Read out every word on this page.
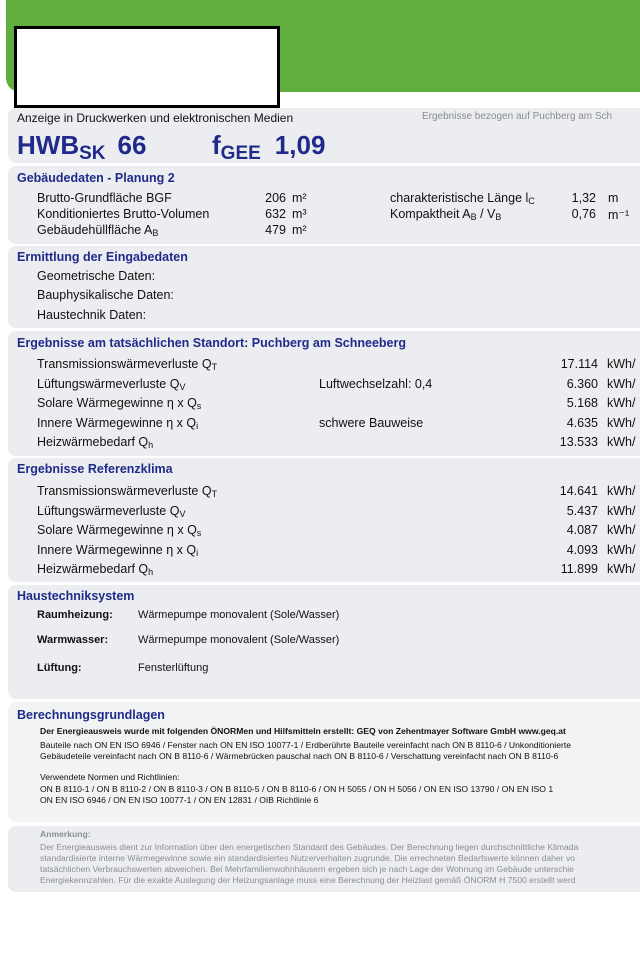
Anzeige in Druckwerken und elektronischen Medien	Ergebnisse bezogen auf Puchberg am Sch
HWBSK 66	fGEE 1,09
Gebäudedaten - Planung 2
Brutto-Grundfläche BGF	206 m²
Konditioniertes Brutto-Volumen	632 m³
Gebäudehüllfläche AB	479 m²
charakteristische Länge lC	1,32 m
Kompaktheit AB / VB	0,76 m⁻¹
Ermittlung der Eingabedaten
Geometrische Daten:
Bauphysikalische Daten:
Haustechnik Daten:
Ergebnisse am tatsächlichen Standort: Puchberg am Schneeberg
Transmissionswärmeverluste QT	17.114 kWh/
Lüftungswärmeverluste QV	Luftwechselzahl: 0,4	6.360 kWh/
Solare Wärmegewinne η x Qs	5.168 kWh/
Innere Wärmegewinne η x Qi	schwere Bauweise	4.635 kWh/
Heizwärmebedarf Qh	13.533 kWh/
Ergebnisse Referenzklima
Transmissionswärmeverluste QT	14.641 kWh/
Lüftungswärmeverluste QV	5.437 kWh/
Solare Wärmegewinne η x Qs	4.087 kWh/
Innere Wärmegewinne η x Qi	4.093 kWh/
Heizwärmebedarf Qh	11.899 kWh/
Haustechniksystem
Raumheizung: Wärmepumpe monovalent (Sole/Wasser)
Warmwasser:	Wärmepumpe monovalent (Sole/Wasser)
Lüftung:	Fensterlüftung
Berechnungsgrundlagen
Der Energieausweis wurde mit folgenden ÖNORMen und Hilfsmitteln erstellt: GEQ von Zehentmayer Software GmbH www.geq.at
Bauteile nach ON EN ISO 6946 / Fenster nach ON EN ISO 10077-1 / Erdberührte Bauteile vereinfacht nach ON B 8110-6 / Unkonditionierte
Gebäudeteile vereinfacht nach ON B 8110-6 / Wärmebrücken pauschal nach ON B 8110-6 / Verschattung vereinfacht nach ON B 8110-6
Verwendete Normen und Richtlinien:
ON B 8110-1 / ON B 8110-2 / ON B 8110-3 / ON B 8110-5 / ON B 8110-6 / ON H 5055 / ON H 5056 / ON EN ISO 13790 / ON EN ISO 1
ON EN ISO 6946 / ON EN ISO 10077-1 / ON EN 12831 / OIB Richtlinie 6
Anmerkung:
Der Energieausweis dient zur Information über den energetischen Standard des Gebäudes. Der Berechnung liegen durchschnittliche Klimada
standardisierte interne Wärmegewinne sowie ein standardisiertes Nutzerverhalten zugrunde. Die errechneten Bedarfswerte können daher vo
tatsächlichen Verbrauchswerten abweichen. Bei Mehrfamilienwohnhäusern ergeben sich je nach Lage der Wohnung im Gebäude unterschie
Energiekennzahlen. Für die exakte Auslegung der Heizungsanlage muss eine Berechnung der Heizlast gemäß ÖNORM H 7500 erstellt werd
